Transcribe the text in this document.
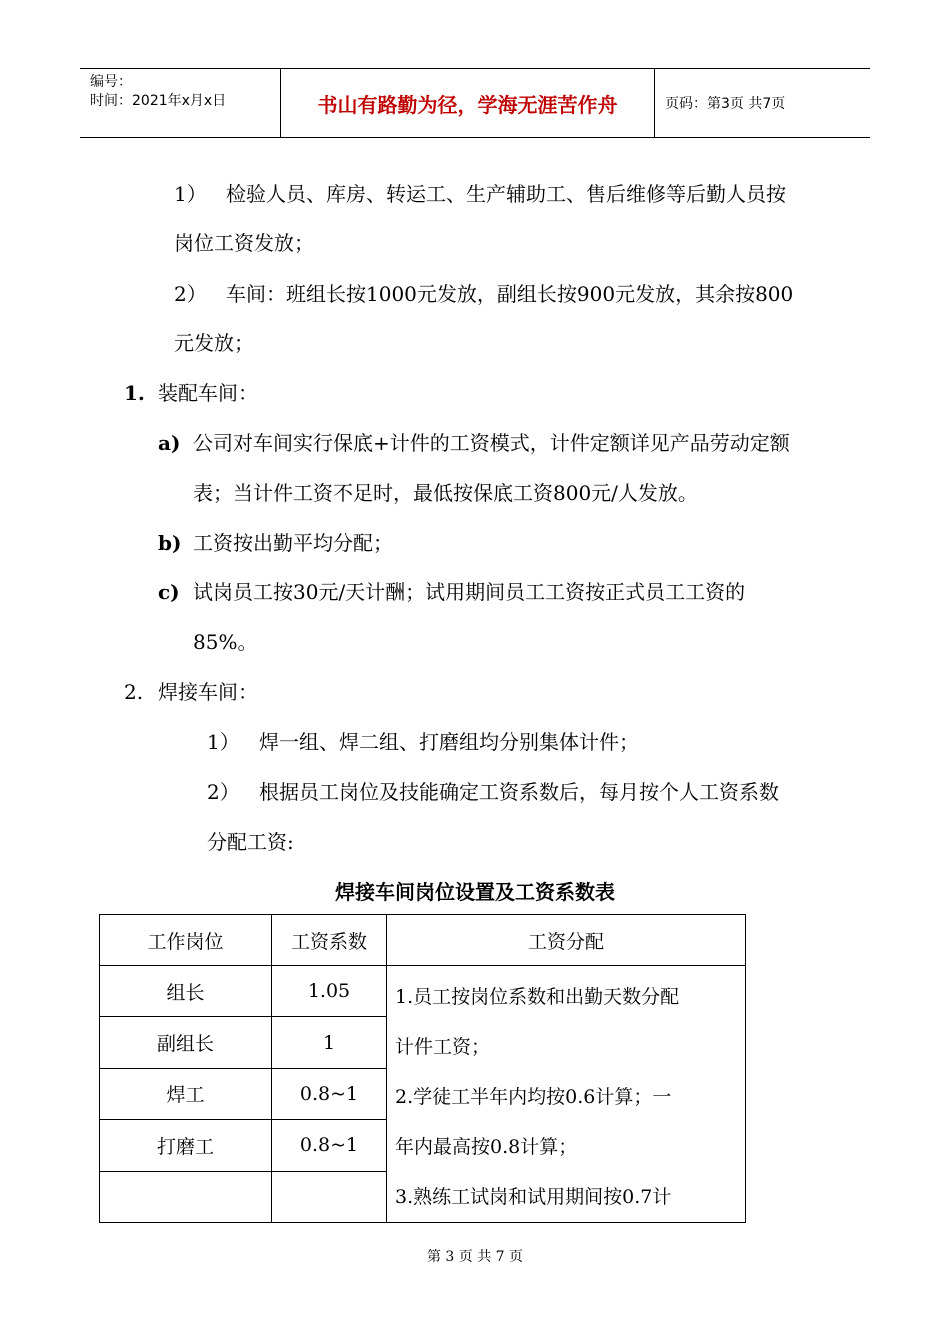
编号：
时间：2021年x月x日	书山有路勤为径，学海无涯苦作舟	页码：第3页 共7页
1） 检验人员、库房、转运工、生产辅助工、售后维修等后勤人员按
岗位工资发放；
2） 车间：班组长按1000元发放，副组长按900元发放，其余按800
元发放；
1. 装配车间：
a) 公司对车间实行保底+计件的工资模式，计件定额详见产品劳动定额
表；当计件工资不足时，最低按保底工资800元/人发放。
b) 工资按出勤平均分配；
c) 试岗员工按30元/天计酬；试用期间员工工资按正式员工工资的
85%。
2. 焊接车间：
1） 焊一组、焊二组、打磨组均分别集体计件；
2） 根据员工岗位及技能确定工资系数后，每月按个人工资系数
分配工资:
焊接车间岗位设置及工资系数表
工作岗位	工资系数	工资分配
组长	1.05	1.员工按岗位系数和出勤天数分配
计件工资；
2.学徒工半年内均按0.6计算；一
年内最高按0.8计算；
3.熟练工试岗和试用期间按0.7计

副组长	1	
焊工	0.8~1	
打磨工	0.8~1	

第 3 页 共 7 页
